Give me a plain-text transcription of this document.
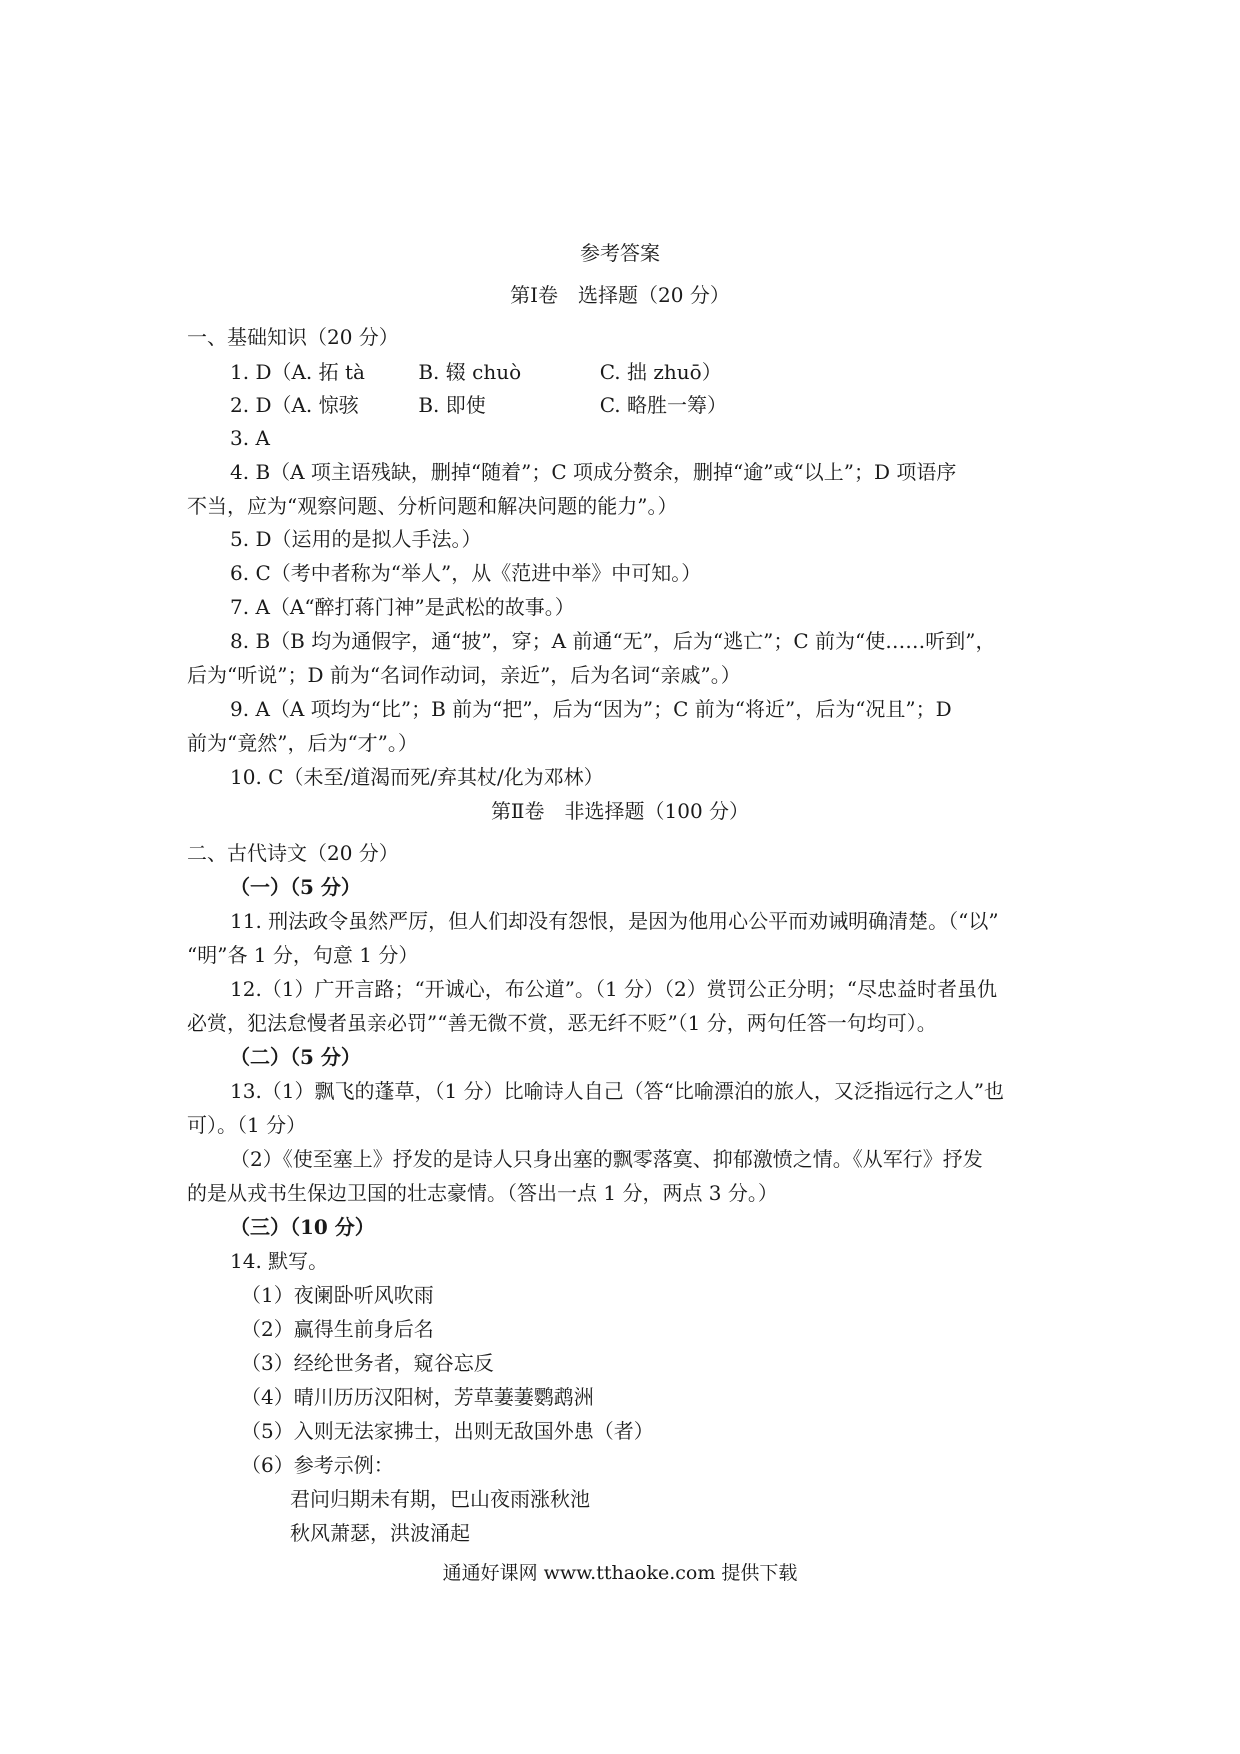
参考答案
第Ⅰ卷　选择题（20 分）
一、基础知识（20 分）
1. D（A. 拓 tà	B. 辍 chuò	C. 拙 zhuō）
2. D（A. 惊骇	B. 即使	C. 略胜一筹）
3. A
4. B（A 项主语残缺，删掉“随着”；C 项成分赘余，删掉“逾”或“以上”；D 项语序
不当，应为“观察问题、分析问题和解决问题的能力”。）
5. D（运用的是拟人手法。）
6. C（考中者称为“举人”，从《范进中举》中可知。）
7. A（A“醉打蒋门神”是武松的故事。）
8. B（B 均为通假字，通“披”，穿；A 前通“无”，后为“逃亡”；C 前为“使……听到”，
后为“听说”；D 前为“名词作动词，亲近”，后为名词“亲戚”。）
9. A（A 项均为“比”；B 前为“把”，后为“因为”；C 前为“将近”，后为“况且”；D
前为“竟然”，后为“才”。）
10. C（未至/道渴而死/弃其杖/化为邓林）
第Ⅱ卷　非选择题（100 分）
二、古代诗文（20 分）
（一）（5 分）
11. 刑法政令虽然严厉，但人们却没有怨恨，是因为他用心公平而劝诫明确清楚。（“以”
“明”各 1 分，句意 1 分）
12.（1）广开言路；“开诚心，布公道”。（1 分）（2）赏罚公正分明；“尽忠益时者虽仇
必赏，犯法怠慢者虽亲必罚”“善无微不赏，恶无纤不贬”（1 分，两句任答一句均可）。
（二）（5 分）
13.（1）飘飞的蓬草，（1 分）比喻诗人自己（答“比喻漂泊的旅人，又泛指远行之人”也
可）。（1 分）
（2）《使至塞上》抒发的是诗人只身出塞的飘零落寞、抑郁激愤之情。《从军行》抒发
的是从戎书生保边卫国的壮志豪情。（答出一点 1 分，两点 3 分。）
（三）（10 分）
14. 默写。
（1）夜阑卧听风吹雨
（2）赢得生前身后名
（3）经纶世务者，窥谷忘反
（4）晴川历历汉阳树，芳草萋萋鹦鹉洲
（5）入则无法家拂士，出则无敌国外患（者）
（6）参考示例：
君问归期未有期，巴山夜雨涨秋池
秋风萧瑟，洪波涌起
通通好课网 www.tthaoke.com 提供下载
